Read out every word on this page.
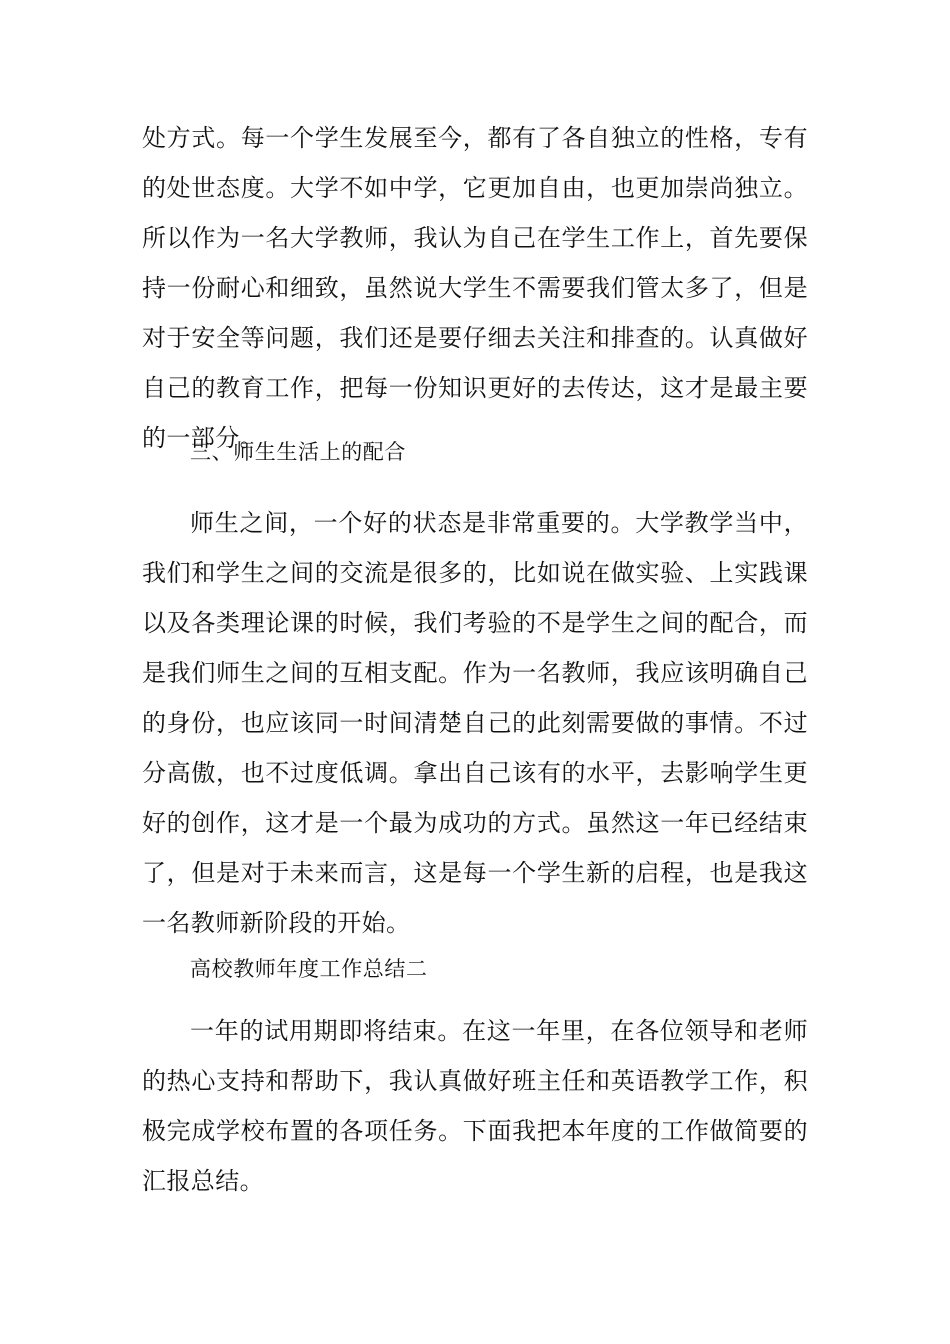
处方式。每一个学生发展至今，都有了各自独立的性格，专有的处世态度。大学不如中学，它更加自由，也更加崇尚独立。所以作为一名大学教师，我认为自己在学生工作上，首先要保持一份耐心和细致，虽然说大学生不需要我们管太多了，但是对于安全等问题，我们还是要仔细去关注和排查的。认真做好自己的教育工作，把每一份知识更好的去传达，这才是最主要的一部分。

三、师生生活上的配合

师生之间，一个好的状态是非常重要的。大学教学当中，我们和学生之间的交流是很多的，比如说在做实验、上实践课以及各类理论课的时候，我们考验的不是学生之间的配合，而是我们师生之间的互相支配。作为一名教师，我应该明确自己的身份，也应该同一时间清楚自己的此刻需要做的事情。不过分高傲，也不过度低调。拿出自己该有的水平，去影响学生更好的创作，这才是一个最为成功的方式。虽然这一年已经结束了，但是对于未来而言，这是每一个学生新的启程，也是我这一名教师新阶段的开始。

高校教师年度工作总结二

一年的试用期即将结束。在这一年里，在各位领导和老师的热心支持和帮助下，我认真做好班主任和英语教学工作，积极完成学校布置的各项任务。下面我把本年度的工作做简要的汇报总结。
